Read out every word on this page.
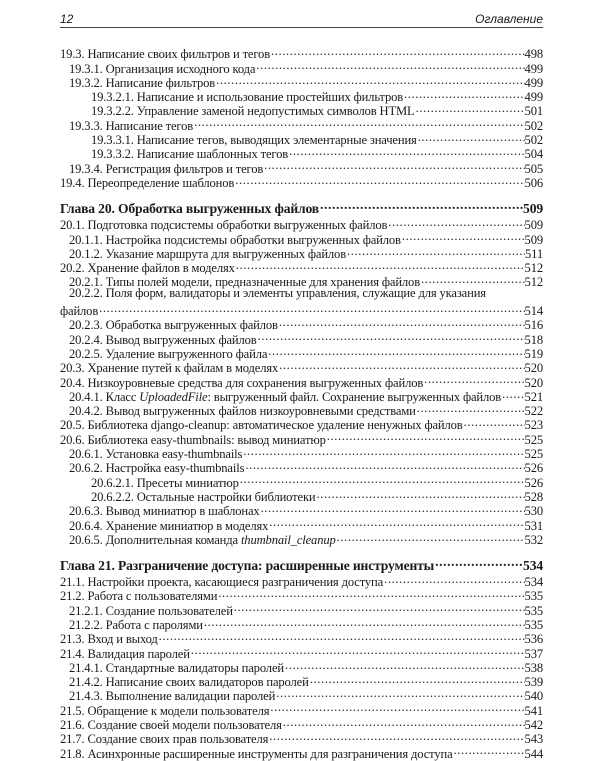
12	Оглавление
19.3. Написание своих фильтров и тегов .....	498
19.3.1. Организация исходного кода .....	499
19.3.2. Написание фильтров .....	499
19.3.2.1. Написание и использование простейших фильтров .....	499
19.3.2.2. Управление заменой недопустимых символов HTML .....	501
19.3.3. Написание тегов .....	502
19.3.3.1. Написание тегов, выводящих элементарные значения .....	502
19.3.3.2. Написание шаблонных тегов .....	504
19.3.4. Регистрация фильтров и тегов .....	505
19.4. Переопределение шаблонов .....	506
Глава 20. Обработка выгруженных файлов .....	509
20.1. Подготовка подсистемы обработки выгруженных файлов .....	509
20.1.1. Настройка подсистемы обработки выгруженных файлов .....	509
20.1.2. Указание маршрута для выгруженных файлов .....	511
20.2. Хранение файлов в моделях .....	512
20.2.1. Типы полей модели, предназначенные для хранения файлов .....	512
20.2.2. Поля форм, валидаторы и элементы управления, служащие для указания
файлов .....	514
20.2.3. Обработка выгруженных файлов .....	516
20.2.4. Вывод выгруженных файлов .....	518
20.2.5. Удаление выгруженного файла .....	519
20.3. Хранение путей к файлам в моделях .....	520
20.4. Низкоуровневые средства для сохранения выгруженных файлов .....	520
20.4.1. Класс UploadedFile: выгруженный файл. Сохранение выгруженных файлов ..... 521
20.4.2. Вывод выгруженных файлов низкоуровневыми средствами .....	522
20.5. Библиотека django-cleanup: автоматическое удаление ненужных файлов .....	523
20.6. Библиотека easy-thumbnails: вывод миниатюр .....	525
20.6.1. Установка easy-thumbnails .....	525
20.6.2. Настройка easy-thumbnails .....	526
20.6.2.1. Пресеты миниатюр .....	526
20.6.2.2. Остальные настройки библиотеки .....	528
20.6.3. Вывод миниатюр в шаблонах .....	530
20.6.4. Хранение миниатюр в моделях .....	531
20.6.5. Дополнительная команда thumbnail_cleanup .....	532
Глава 21. Разграничение доступа: расширенные инструменты .....	534
21.1. Настройки проекта, касающиеся разграничения доступа .....	534
21.2. Работа с пользователями .....	535
21.2.1. Создание пользователей .....	535
21.2.2. Работа с паролями .....	535
21.3. Вход и выход .....	536
21.4. Валидация паролей .....	537
21.4.1. Стандартные валидаторы паролей .....	538
21.4.2. Написание своих валидаторов паролей .....	539
21.4.3. Выполнение валидации паролей .....	540
21.5. Обращение к модели пользователя .....	541
21.6. Создание своей модели пользователя .....	542
21.7. Создание своих прав пользователя .....	543
21.8. Асинхронные расширенные инструменты для разграничения доступа .....	544
